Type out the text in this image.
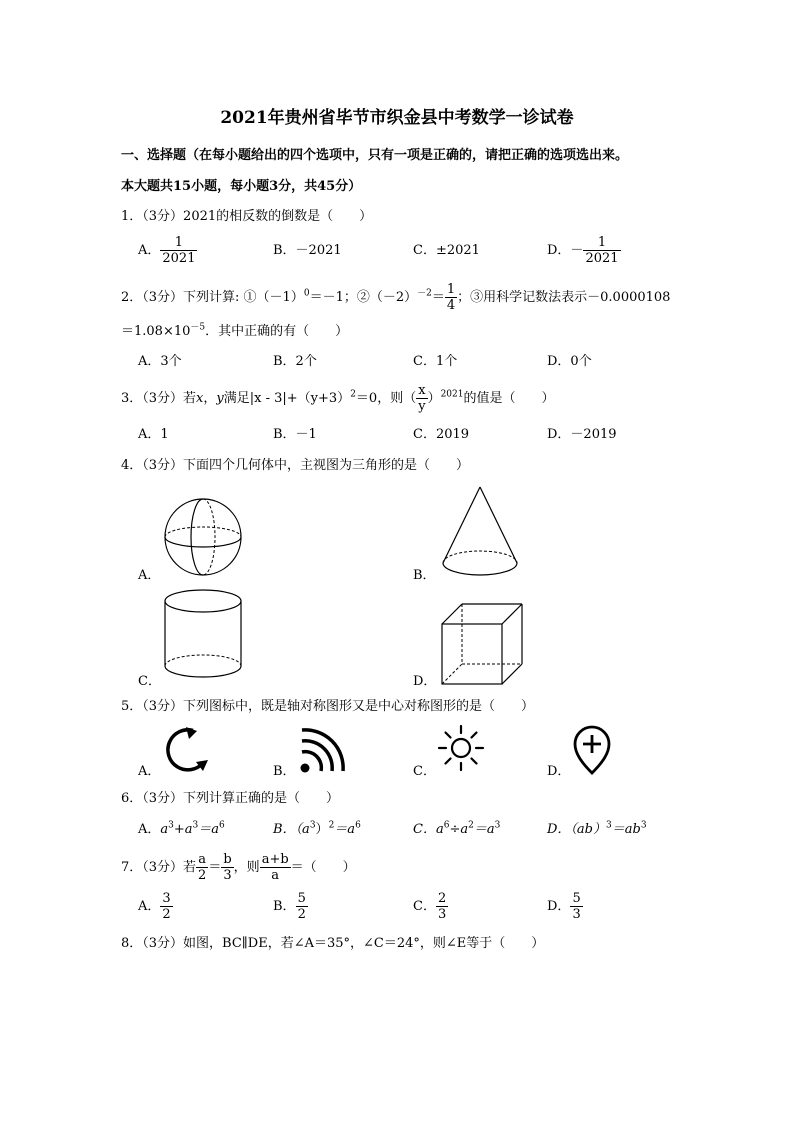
2021年贵州省毕节市织金县中考数学一诊试卷
一、选择题（在每小题给出的四个选项中，只有一项是正确的，请把正确的选项选出来。
本大题共15小题，每小题3分，共45分）
1．（3分）2021的相反数的倒数是（　　）
A． $\frac{1}{2021}$	B．－2021	C．±2021	D．－ $\frac{1}{2021}$
2．（3分）下列计算: $①(-1)^0=-1$；$②(-2)^{-2}= \frac{1}{4}$ ；③用科学记数法表示－0.0000108
$=1.08\times 10^{-5}$．其中正确的有（　　）
A．3个	B．2个	C．1个	D．0个
3．（3分）若x，y满足$|x - 3|+(y+3)^2=0$，则（ $\frac{x}{y} )^{2021}$的值是（　　）
A．1	B．－1	C．2019	D．－2019
4．（3分）下面四个几何体中，主视图为三角形的是（　　）
A．	B．
C．	D．
5．（3分）下列图标中，既是轴对称图形又是中心对称图形的是（　　）
A．	B．	C．	D．
6．（3分）下列计算正确的是（　　）
A．$a^3+a^3=a^6$	B．$(a^3)^2=a^6$	C．$a^6\div a^2=a^3$	D．$(ab)^3=ab^3$
7．（3分）若 $\frac{a}{2} = \frac{b}{3}$ ，则 $\frac{a+b}{a}$ ＝（　　）
A． $\frac{3}{2}$	B． $\frac{5}{2}$	C． $\frac{2}{3}$	D． $\frac{5}{3}$
8．（3分）如图，BC∥DE，若∠A＝35°，∠C＝24°，则∠E等于（　　）
